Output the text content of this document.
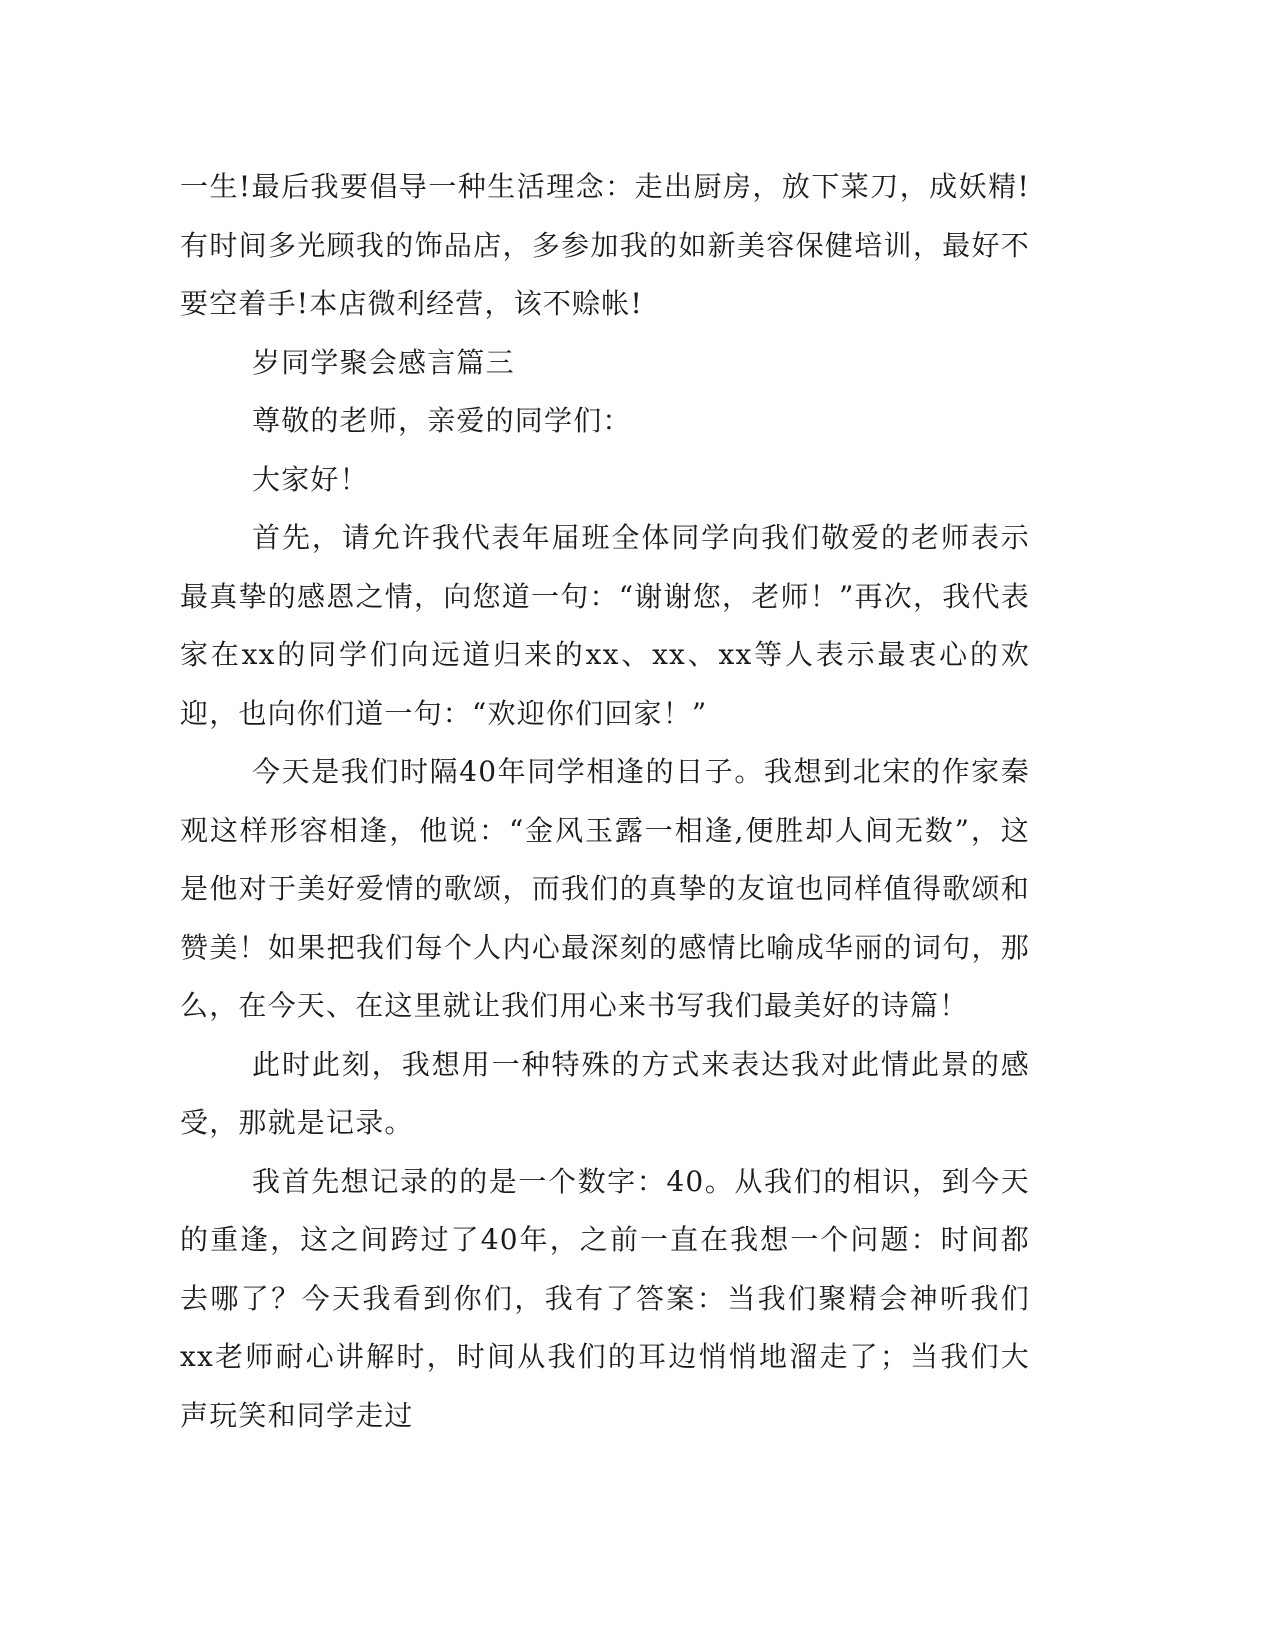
一生!最后我要倡导一种生活理念：走出厨房，放下菜刀，成妖精!有时间多光顾我的饰品店，多参加我的如新美容保健培训，最好不要空着手!本店微利经营，该不赊帐!

岁同学聚会感言篇三

尊敬的老师，亲爱的同学们：

大家好！

首先，请允许我代表年届班全体同学向我们敬爱的老师表示最真挚的感恩之情，向您道一句：“谢谢您，老师！”再次，我代表家在xx的同学们向远道归来的xx、xx、xx等人表示最衷心的欢迎，也向你们道一句：“欢迎你们回家！”

今天是我们时隔40年同学相逢的日子。我想到北宋的作家秦观这样形容相逢，他说：“金风玉露一相逢,便胜却人间无数”，这是他对于美好爱情的歌颂，而我们的真挚的友谊也同样值得歌颂和赞美！如果把我们每个人内心最深刻的感情比喻成华丽的词句，那么，在今天、在这里就让我们用心来书写我们最美好的诗篇！

此时此刻，我想用一种特殊的方式来表达我对此情此景的感受，那就是记录。

我首先想记录的的是一个数字：40。从我们的相识，到今天的重逢，这之间跨过了40年，之前一直在我想一个问题：时间都去哪了？今天我看到你们，我有了答案：当我们聚精会神听我们xx老师耐心讲解时，时间从我们的耳边悄悄地溜走了；当我们大声玩笑和同学走过
